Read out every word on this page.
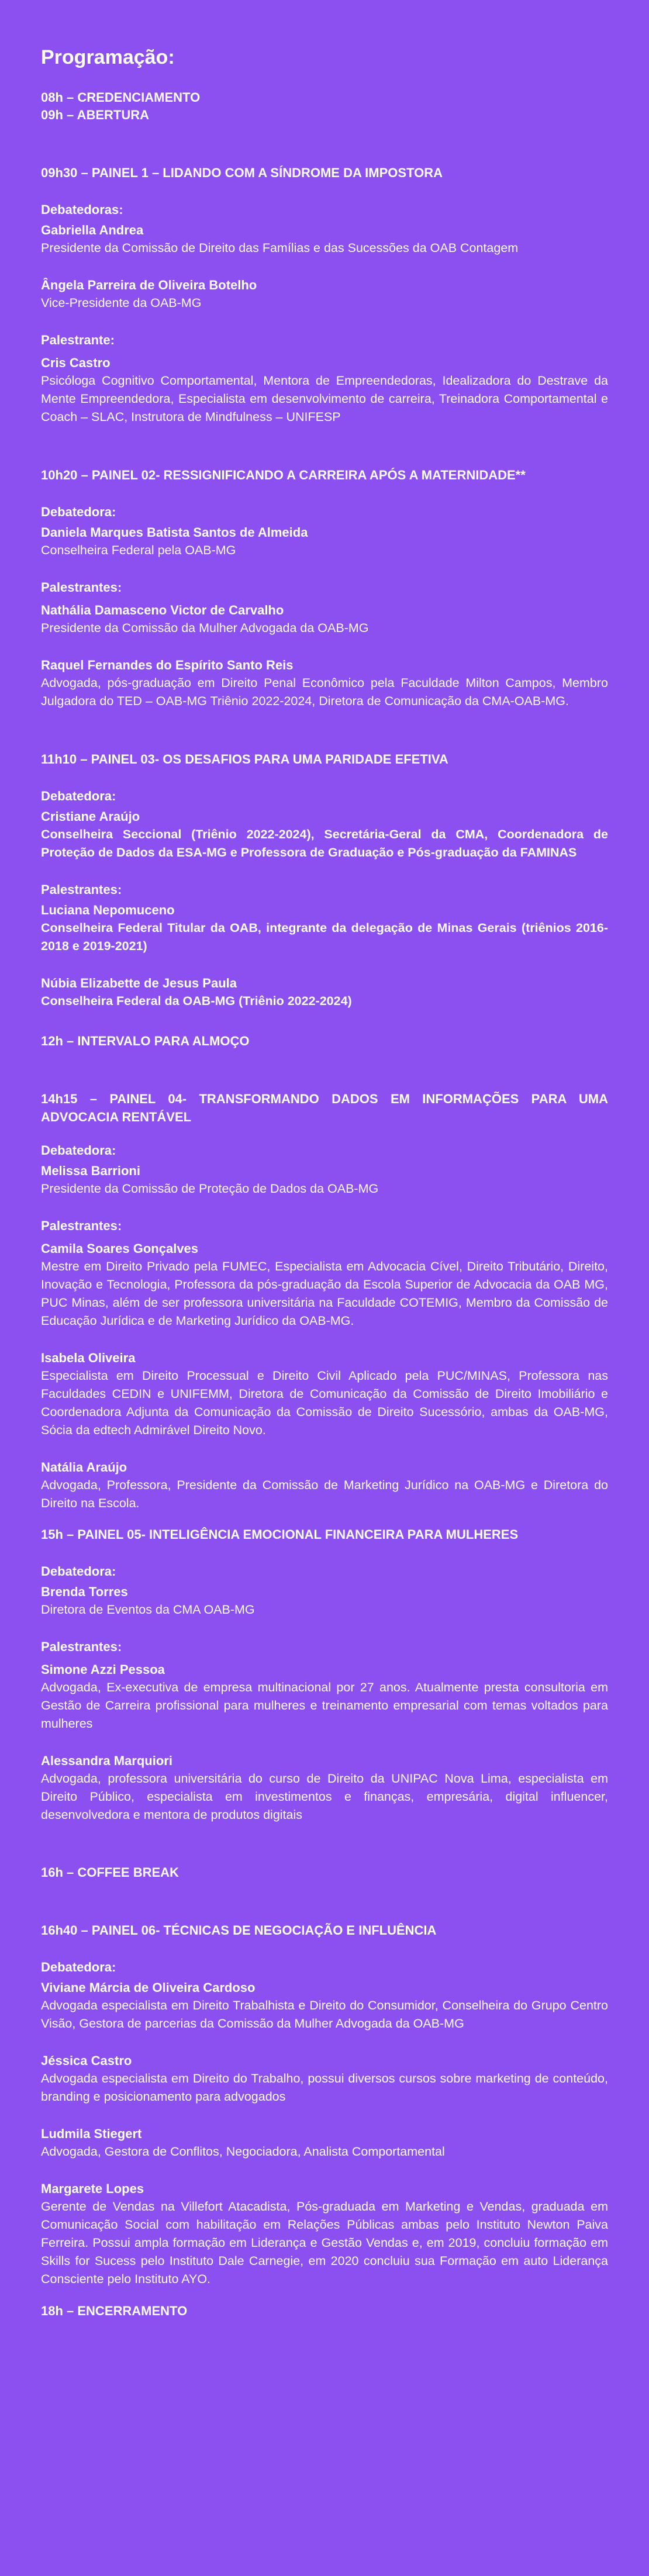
Programação:

08h – CREDENCIAMENTO

09h – ABERTURA

09h30 – PAINEL 1 – LIDANDO COM A SÍNDROME DA IMPOSTORA

Debatedoras:

Gabriella Andrea

Presidente da Comissão de Direito das Famílias e das Sucessões da OAB Contagem

Ângela Parreira de Oliveira Botelho

Vice-Presidente da OAB-MG

Palestrante:

Cris Castro

Psicóloga Cognitivo Comportamental, Mentora de Empreendedoras, Idealizadora do Destrave da Mente Empreendedora, Especialista em desenvolvimento de carreira, Treinadora Comportamental e Coach – SLAC, Instrutora de Mindfulness – UNIFESP

10h20 – PAINEL 02- RESSIGNIFICANDO A CARREIRA APÓS A MATERNIDADE**

Debatedora:

Daniela Marques Batista Santos de Almeida

Conselheira Federal pela OAB-MG

Palestrantes:

Nathália Damasceno Victor de Carvalho

Presidente da Comissão da Mulher Advogada da OAB-MG

Raquel Fernandes do Espírito Santo Reis

Advogada, pós-graduação em Direito Penal Econômico pela Faculdade Milton Campos, Membro Julgadora do TED – OAB-MG Triênio 2022-2024, Diretora de Comunicação da CMA-OAB-MG.

11h10 – PAINEL 03- OS DESAFIOS PARA UMA PARIDADE EFETIVA

Debatedora:

Cristiane Araújo

Conselheira Seccional (Triênio 2022-2024), Secretária-Geral da CMA, Coordenadora de Proteção de Dados da ESA-MG e Professora de Graduação e Pós-graduação da FAMINAS

Palestrantes:

Luciana Nepomuceno

Conselheira Federal Titular da OAB, integrante da delegação de Minas Gerais (triênios 2016-2018 e 2019-2021)

Núbia Elizabette de Jesus Paula

Conselheira Federal da OAB-MG (Triênio 2022-2024)

12h – INTERVALO PARA ALMOÇO

14h15 – PAINEL 04- TRANSFORMANDO DADOS EM INFORMAÇÕES PARA UMA ADVOCACIA RENTÁVEL

Debatedora:

Melissa Barrioni

Presidente da Comissão de Proteção de Dados da OAB-MG

Palestrantes:

Camila Soares Gonçalves

Mestre em Direito Privado pela FUMEC, Especialista em Advocacia Cível, Direito Tributário, Direito, Inovação e Tecnologia, Professora da pós-graduação da Escola Superior de Advocacia da OAB MG, PUC Minas, além de ser professora universitária na Faculdade COTEMIG, Membro da Comissão de Educação Jurídica e de Marketing Jurídico da OAB-MG.

Isabela Oliveira

Especialista em Direito Processual e Direito Civil Aplicado pela PUC/MINAS, Professora nas Faculdades CEDIN e UNIFEMM, Diretora de Comunicação da Comissão de Direito Imobiliário e Coordenadora Adjunta da Comunicação da Comissão de Direito Sucessório, ambas da OAB-MG, Sócia da edtech Admirável Direito Novo.

Natália Araújo

Advogada, Professora, Presidente da Comissão de Marketing Jurídico na OAB-MG e Diretora do Direito na Escola.

15h – PAINEL 05- INTELIGÊNCIA EMOCIONAL FINANCEIRA PARA MULHERES

Debatedora:

Brenda Torres

Diretora de Eventos da CMA OAB-MG

Palestrantes:

Simone Azzi Pessoa

Advogada, Ex-executiva de empresa multinacional por 27 anos. Atualmente presta consultoria em Gestão de Carreira profissional para mulheres e treinamento empresarial com temas voltados para mulheres

Alessandra Marquiori

Advogada, professora universitária do curso de Direito da UNIPAC Nova Lima, especialista em Direito Público, especialista em investimentos e finanças, empresária, digital influencer, desenvolvedora e mentora de produtos digitais

16h – COFFEE BREAK

16h40 – PAINEL 06- TÉCNICAS DE NEGOCIAÇÃO E INFLUÊNCIA

Debatedora:

Viviane Márcia de Oliveira Cardoso

Advogada especialista em Direito Trabalhista e Direito do Consumidor, Conselheira do Grupo Centro Visão, Gestora de parcerias da Comissão da Mulher Advogada da OAB-MG

Jéssica Castro

Advogada especialista em Direito do Trabalho, possui diversos cursos sobre marketing de conteúdo, branding e posicionamento para advogados

Ludmila Stiegert

Advogada, Gestora de Conflitos, Negociadora, Analista Comportamental

Margarete Lopes

Gerente de Vendas na Villefort Atacadista, Pós-graduada em Marketing e Vendas, graduada em Comunicação Social com habilitação em Relações Públicas ambas pelo Instituto Newton Paiva Ferreira. Possui ampla formação em Liderança e Gestão Vendas e, em 2019, concluiu formação em Skills for Sucess pelo Instituto Dale Carnegie, em 2020 concluiu sua Formação em auto Liderança Consciente pelo Instituto AYO.

18h – ENCERRAMENTO
